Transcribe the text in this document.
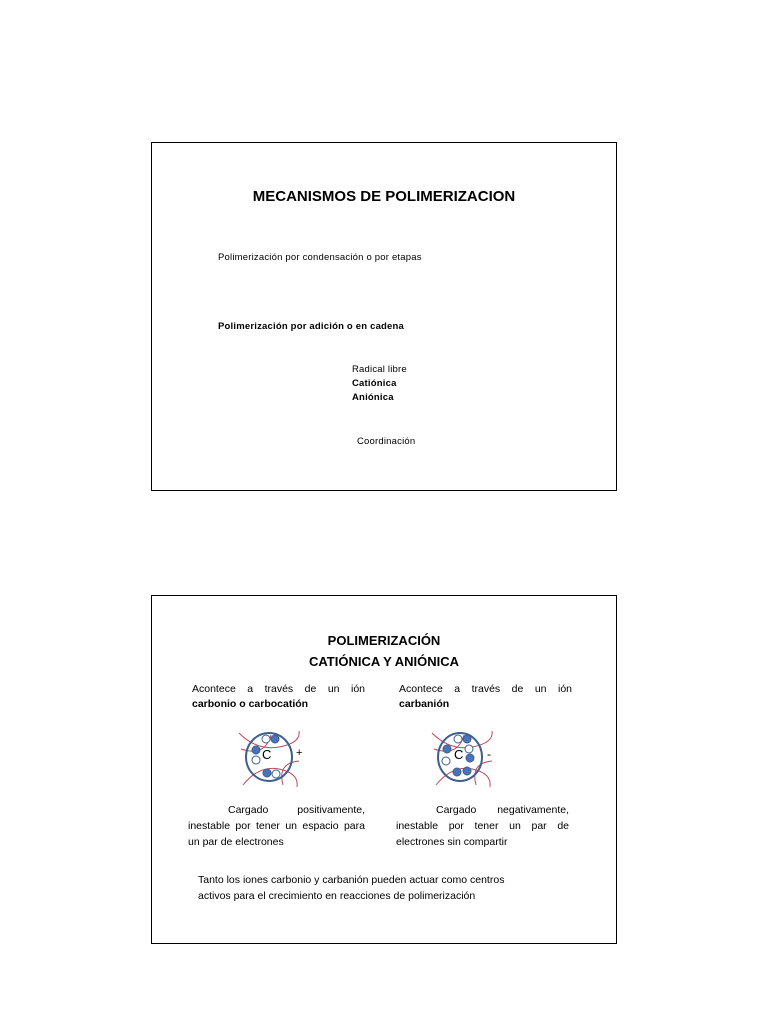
MECANISMOS DE POLIMERIZACION
Polimerización por condensación o por etapas
Polimerización por adición o en cadena
Radical libre
Catiónica
Aniónica
Coordinación
POLIMERIZACIÓN
CATIÓNICA Y ANIÓNICA
Acontece a través de un ión
carbonio o carbocatión
C +
Cargado positivamente, inestable por tener un espacio para un par de electrones
Acontece a través de un ión
carbanión
C -
Cargado negativamente, inestable por tener un par de electrones sin compartir
Tanto los iones carbonio y carbanión pueden actuar como centros
activos para el crecimiento en reacciones de polimerización
